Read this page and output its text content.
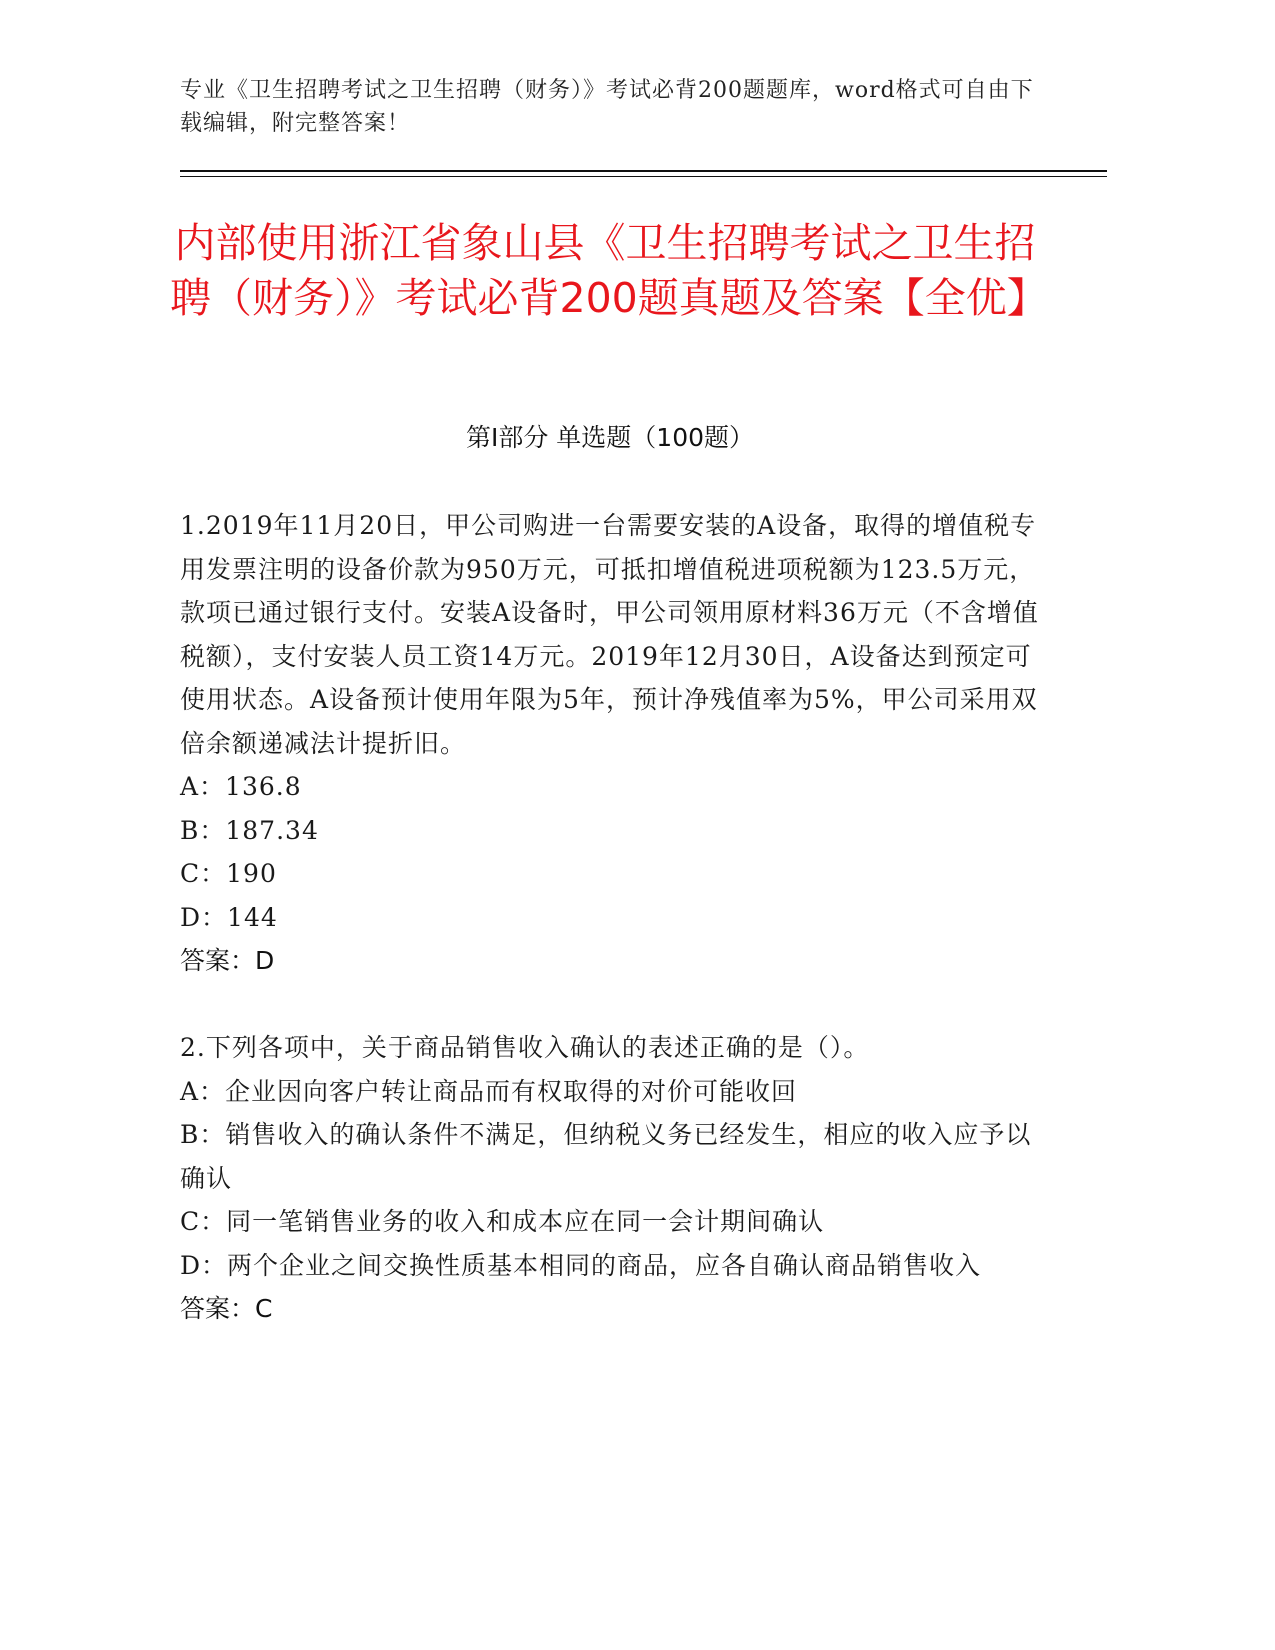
专业《卫生招聘考试之卫生招聘（财务）》考试必背200题题库，word格式可自由下载编辑，附完整答案！
内部使用浙江省象山县《卫生招聘考试之卫生招聘（财务）》考试必背200题真题及答案【全优】
第Ⅰ部分 单选题（100题）
1.2019年11月20日，甲公司购进一台需要安装的A设备，取得的增值税专用发票注明的设备价款为950万元，可抵扣增值税进项税额为123.5万元，款项已通过银行支付。安装A设备时，甲公司领用原材料36万元（不含增值税额），支付安装人员工资14万元。2019年12月30日，A设备达到预定可使用状态。A设备预计使用年限为5年，预计净残值率为5%，甲公司采用双倍余额递减法计提折旧。
A：136.8
B：187.34
C：190
D：144
答案：D
2.下列各项中，关于商品销售收入确认的表述正确的是（）。
A：企业因向客户转让商品而有权取得的对价可能收回
B：销售收入的确认条件不满足，但纳税义务已经发生，相应的收入应予以确认
C：同一笔销售业务的收入和成本应在同一会计期间确认
D：两个企业之间交换性质基本相同的商品，应各自确认商品销售收入
答案：C
